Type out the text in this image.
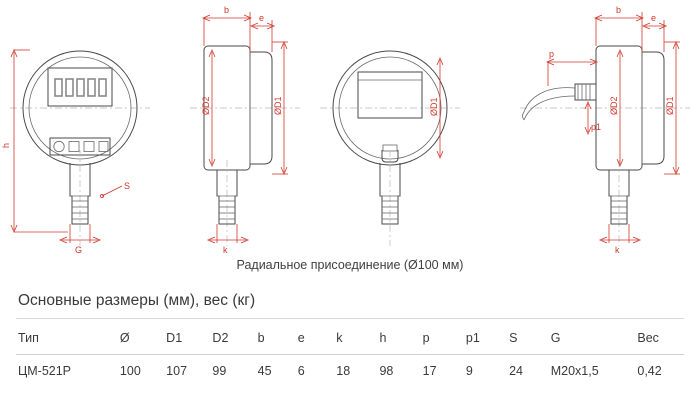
h
G
S
b
e
ØD2	ØD1
k
ØD1
b
e
p
p1
ØD2	ØD1
k
Радиальное присоединение (Ø100 мм)
Основные размеры (мм), вес (кг)
Тип	Ø	D1	D2	b	e	k	h	p	p1	S	G	Вес
ЦМ-521Р	100	107	99	45	6	18	98	17	9	24	M20x1,5	0,42
